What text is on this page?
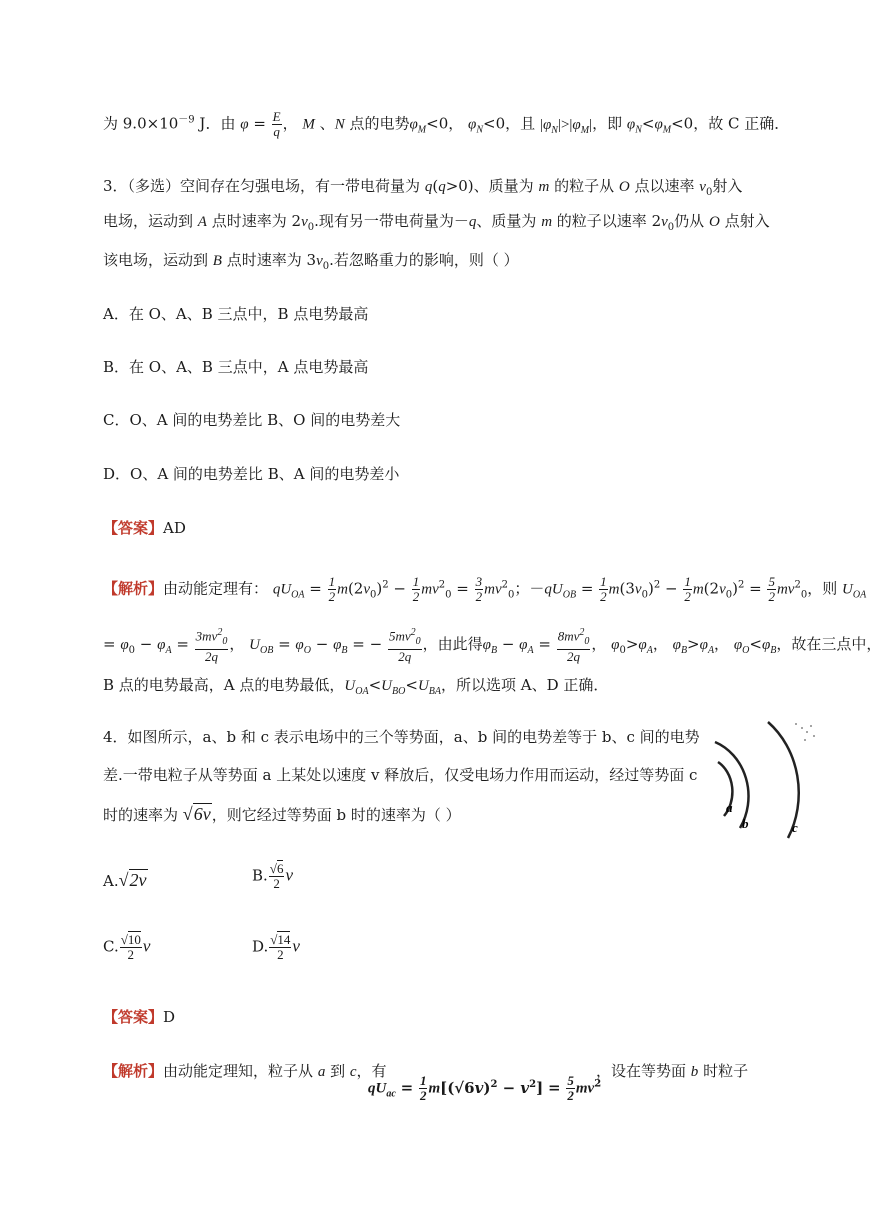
为 $9.0\times 10^{-9}$ J．由 $\varphi = \frac{E}{q}$ ， M 、N 点的电势$\varphi_M<0$， $\varphi_N<0$，且 $|\varphi_N|>|\varphi_M|$，即 $\varphi_N<\varphi_M<0$，故 C 正确．
3．（多选）空间存在匀强电场，有一带电荷量为 q(q>0)、质量为 m 的粒子从 O 点以速率 $v_0$射入
电场，运动到 A 点时速率为 $2v_0$.现有另一带电荷量为－q、质量为 m 的粒子以速率 $2v_0$仍从 O 点射入
该电场，运动到 B 点时速率为 $3v_0$.若忽略重力的影响，则（ ）
A．在 O、A、B 三点中，B 点电势最高
B．在 O、A、B 三点中，A 点电势最高
C．O、A 间的电势差比 B、O 间的电势差大
D．O、A 间的电势差比 B、A 间的电势差小
【答案】AD
【解析】由动能定理有： $qU_{OA} = \frac{1}{2} m(2v_0)^2 - \frac{1}{2} mv^2_0 = \frac{3}{2} mv^2_0$；$-qU_{OB} = \frac{1}{2} m(3v_0)^2 - \frac{1}{2} m(2v_0)^2 = \frac{5}{2} mv^2_0$，则 $U_{OA}$
= $\varphi_0 - \varphi_A = \frac{3mv^2_0}{2q}$ ， $U_{OB} = \varphi_O - \varphi_B$ = − $\frac{5mv^2_0}{2q}$ ，由此得$\varphi_B - \varphi_A = \frac{8mv^2_0}{2q}$ ， $\varphi_0>\varphi_A$， $\varphi_B>\varphi_A$， $\varphi_O<\varphi_B$，故在三点中，
B 点的电势最高，A 点的电势最低，$U_{OA}<U_{BO}<U_{BA}$，所以选项 A、D 正确．
4．如图所示，a、b 和 c 表示电场中的三个等势面，a、b 间的电势差等于 b、c 间的电势
差.一带电粒子从等势面 a 上某处以速度 v 释放后，仅受电场力作用而运动，经过等势面 c
时的速率为 √6v，则它经过等势面 b 时的速率为（ ）	a
b	c
A.√2v	B. $\frac{√6}{2}$ v
C. $\frac{√10}{2}$ v	D. $\frac{√14}{2}$ v
【答案】D
【解析】由动能定理知，粒子从 a 到 c，有
$qU_{ac} = \frac{1}{2} m[(√6v)^2 - v^2] = \frac{5}{2} mv^2$
，设在等势面 b 时粒子
